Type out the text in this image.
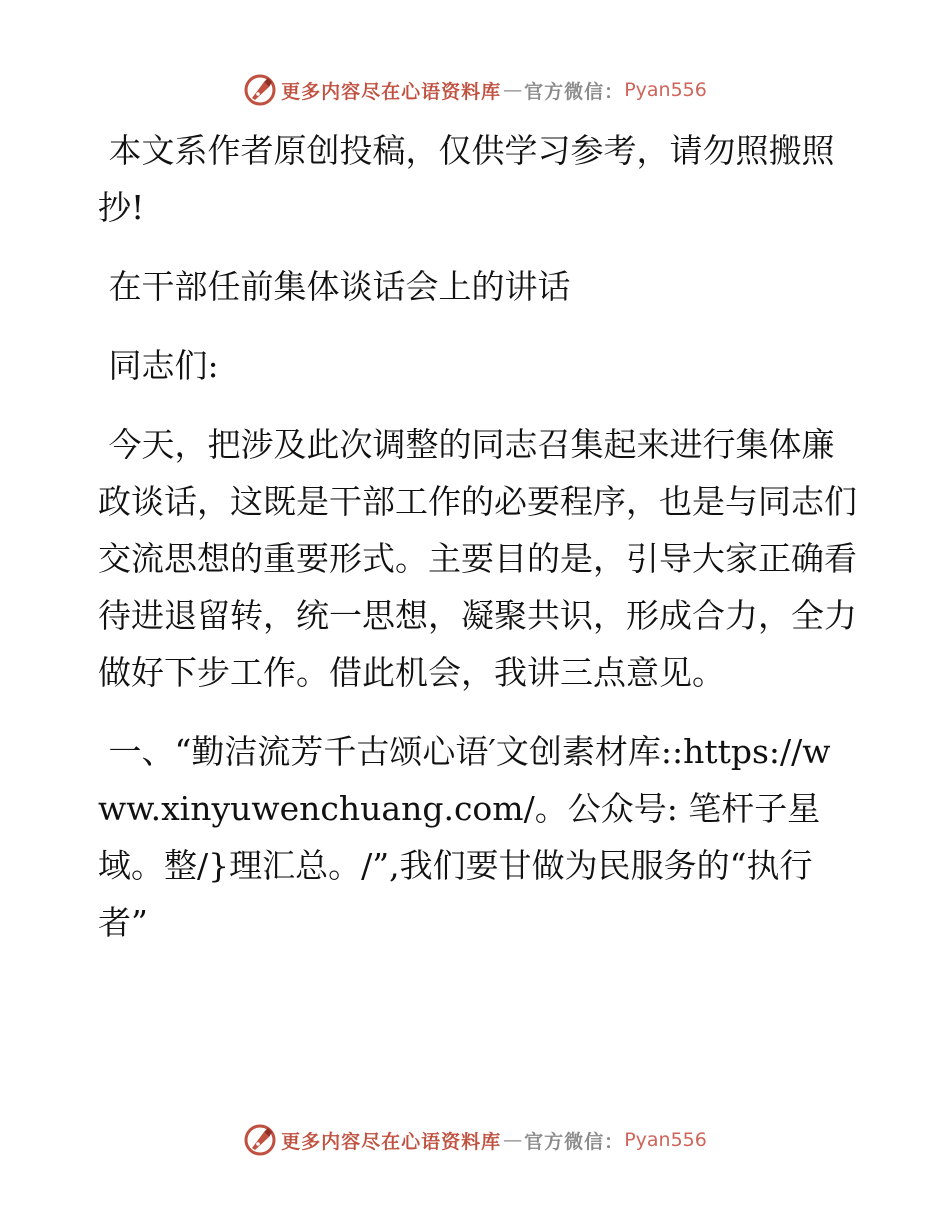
更多内容尽在心语资料库 — 官方微信： Pyan556

本文系作者原创投稿，仅供学习参考，请勿照搬照抄!

在干部任前集体谈话会上的讲话

同志们:

今天，把涉及此次调整的同志召集起来进行集体廉政谈话，这既是干部工作的必要程序，也是与同志们交流思想的重要形式。主要目的是，引导大家正确看待进退留转，统一思想，凝聚共识，形成合力，全力做好下步工作。借此机会，我讲三点意见。

一、“勤洁流芳千古颂心语′文创素材库::https://www.xinyuwenchuang.com/。公众号: 笔杆子星域。整/}理汇总。/”,我们要甘做为民服务的“执行者”

更多内容尽在心语资料库 — 官方微信： Pyan556
